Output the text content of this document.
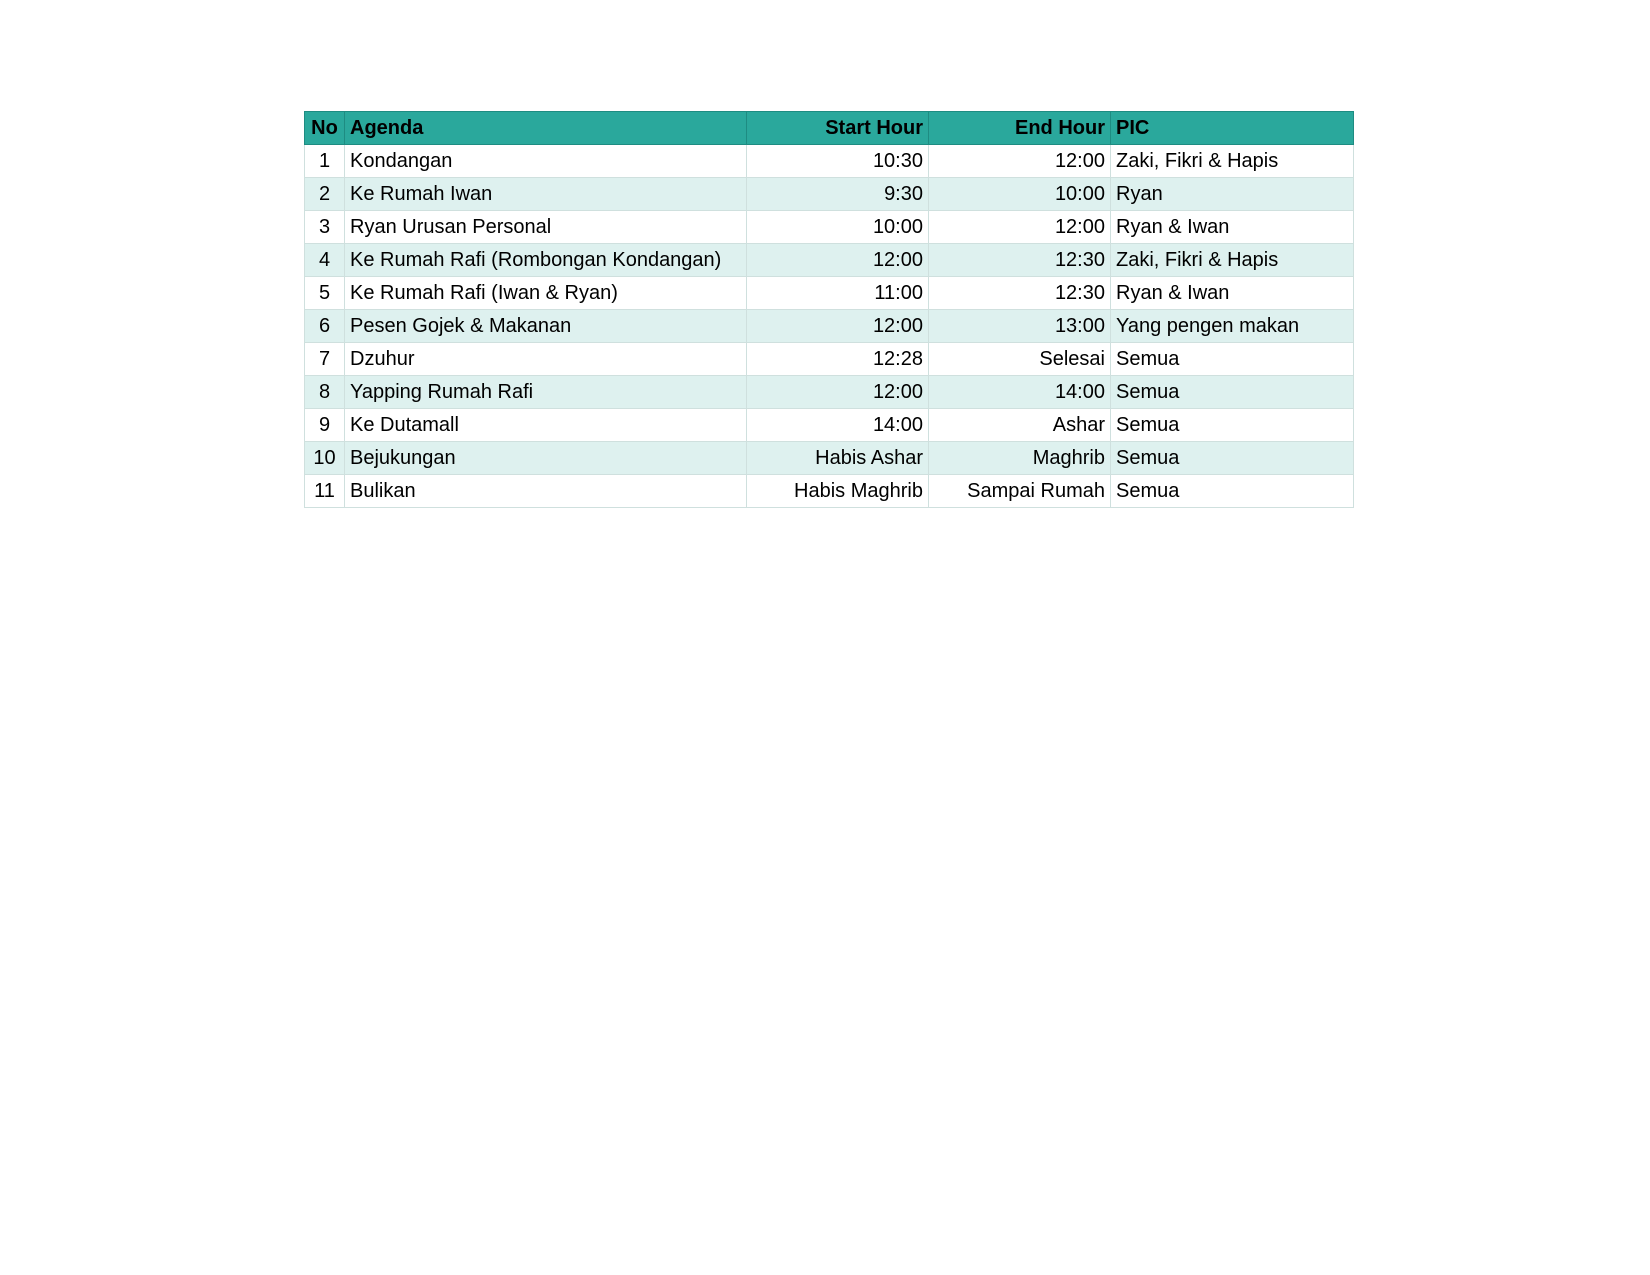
No	Agenda	Start Hour	End Hour	PIC
1	Kondangan	10:30	12:00	Zaki, Fikri & Hapis
2	Ke Rumah Iwan	9:30	10:00	Ryan
3	Ryan Urusan Personal	10:00	12:00	Ryan & Iwan
4	Ke Rumah Rafi (Rombongan Kondangan)	12:00	12:30	Zaki, Fikri & Hapis
5	Ke Rumah Rafi (Iwan & Ryan)	11:00	12:30	Ryan & Iwan
6	Pesen Gojek & Makanan	12:00	13:00	Yang pengen makan
7	Dzuhur	12:28	Selesai	Semua
8	Yapping Rumah Rafi	12:00	14:00	Semua
9	Ke Dutamall	14:00	Ashar	Semua
10	Bejukungan	Habis Ashar	Maghrib	Semua
11	Bulikan	Habis Maghrib	Sampai Rumah	Semua
